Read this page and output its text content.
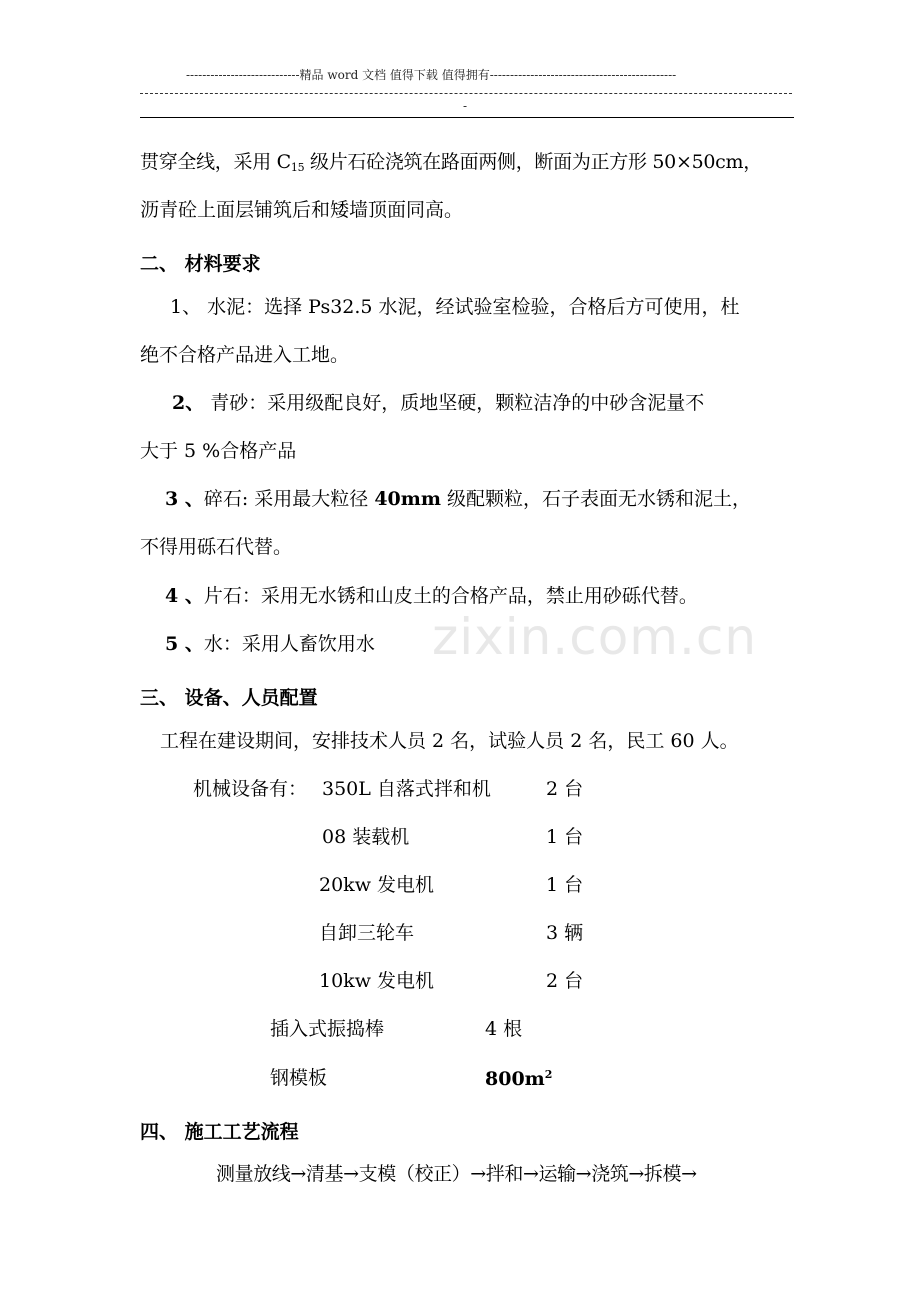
----------------------------精品 word 文档 值得下载 值得拥有----------------------------------------------
-
贯穿全线，采用 $C_{15}$ 级片石砼浇筑在路面两侧，断面为正方形 50×50cm，
沥青砼上面层铺筑后和矮墙顶面同高。
二、 材料要求
1、 水泥：选择 Ps32.5 水泥，经试验室检验，合格后方可使用，杜
绝不合格产品进入工地。
2、 青砂：采用级配良好，质地坚硬，颗粒洁净的中砂含泥量不
大于 5 %合格产品
3 、碎石: 采用最大粒径 40mm 级配颗粒，石子表面无水锈和泥土，
不得用砾石代替。
4 、片石：采用无水锈和山皮土的合格产品，禁止用砂砾代替。
5 、水：采用人畜饮用水 zixin.com.cn
三、 设备、人员配置
工程在建设期间，安排技术人员 2 名，试验人员 2 名，民工 60 人。
机械设备有： 350L 自落式拌和机	2 台
08 装载机	1 台
20kw 发电机	1 台
自卸三轮车	3 辆
10kw 发电机	2 台
插入式振捣棒	4 根
钢模板	$800m^2$
四、 施工工艺流程
测量放线→清基→支模（校正）→拌和→运输→浇筑→拆模→
